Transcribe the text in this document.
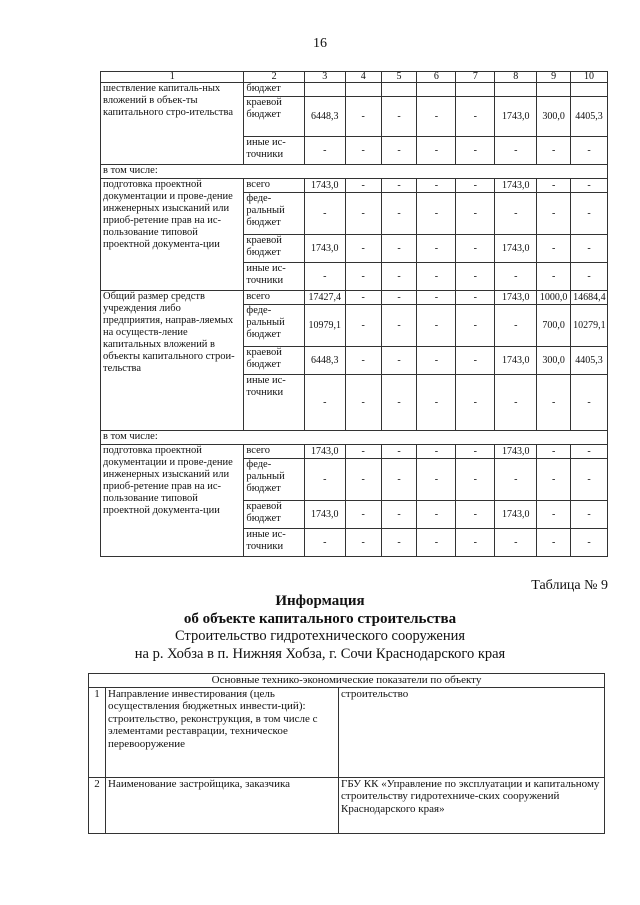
16
1	2	3	4	5	6	7	8	9	10
шествление капиталь-ных вложений в объек-ты капитального стро-ительства	бюджет								
	краевой бюджет	6448,3	-	-	-	-	1743,0	300,0	4405,3
	иные ис-точники	-	-	-	-	-	-	-	-
в том числе:									
подготовка проектной документации и прове-дение инженерных изысканий или приоб-ретение прав на ис-пользование типовой проектной документа-ции	всего	1743,0	-	-	-	-	1743,0	-	-
	феде-ральный бюджет	-	-	-	-	-	-	-	-
	краевой бюджет	1743,0	-	-	-	-	1743,0	-	-
	иные ис-точники	-	-	-	-	-	-	-	-
Общий размер средств учреждения либо предприятия, направ-ляемых на осуществ-ление капитальных вложений в объекты капитального строи-тельства	всего	17427,4	-	-	-	-	1743,0	1000,0	14684,4
	феде-ральный бюджет	10979,1	-	-	-	-	-	700,0	10279,1
	краевой бюджет	6448,3	-	-	-	-	1743,0	300,0	4405,3
	иные ис-точники	-	-	-	-	-	-	-	-
в том числе:									
подготовка проектной документации и прове-дение инженерных изысканий или приоб-ретение прав на ис-пользование типовой проектной документа-ции	всего	1743,0	-	-	-	-	1743,0	-	-
	феде-ральный бюджет	-	-	-	-	-	-	-	-
	краевой бюджет	1743,0	-	-	-	-	1743,0	-	-
	иные ис-точники	-	-	-	-	-	-	-	-
Таблица № 9
Информация
об объекте капитального строительства
Строительство гидротехнического сооружения
на р. Хобза в п. Нижняя Хобза, г. Сочи Краснодарского края
Основные технико-экономические показатели по объекту		
1	Направление инвестирования (цель осуществления бюджетных инвести-ций): строительство, реконструкция, в том числе с элементами реставрации, техническое перевооружение	строительство
2	Наименование застройщика, заказчика	ГБУ КК «Управление по эксплуатации и капитальному строительству гидротехниче-ских сооружений Краснодарского края»
